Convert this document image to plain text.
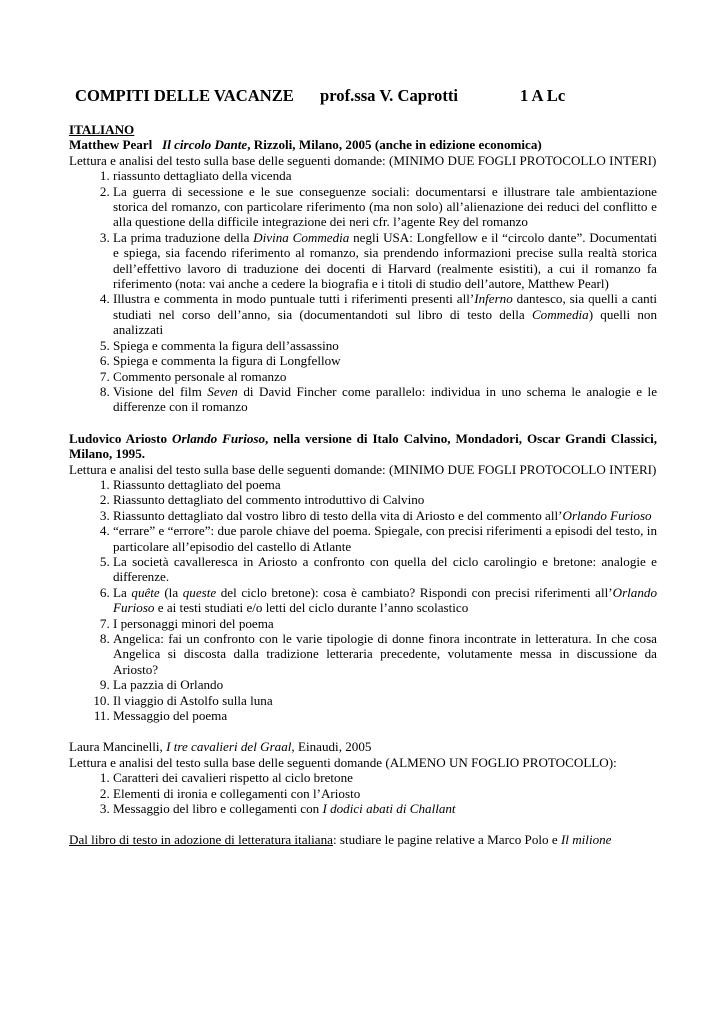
COMPITI DELLE VACANZE	prof.ssa V. Caprotti	1 A Lc
ITALIANO
Matthew Pearl Il circolo Dante, Rizzoli, Milano, 2005 (anche in edizione economica)
Lettura e analisi del testo sulla base delle seguenti domande: (MINIMO DUE FOGLI PROTOCOLLO INTERI)
1. riassunto dettagliato della vicenda
2. La guerra di secessione e le sue conseguenze sociali: documentarsi e illustrare tale ambientazione storica del romanzo, con particolare riferimento (ma non solo) all’alienazione dei reduci del conflitto e alla questione della difficile integrazione dei neri cfr. l’agente Rey del romanzo
3. La prima traduzione della Divina Commedia negli USA: Longfellow e il “circolo dante”. Documentati e spiega, sia facendo riferimento al romanzo, sia prendendo informazioni precise sulla realtà storica dell’effettivo lavoro di traduzione dei docenti di Harvard (realmente esistiti), a cui il romanzo fa riferimento (nota: vai anche a cedere la biografia e i titoli di studio dell’autore, Matthew Pearl)
4. Illustra e commenta in modo puntuale tutti i riferimenti presenti all’Inferno dantesco, sia quelli a canti studiati nel corso dell’anno, sia (documentandoti sul libro di testo della Commedia) quelli non analizzati
5. Spiega e commenta la figura dell’assassino
6. Spiega e commenta la figura di Longfellow
7. Commento personale al romanzo
8. Visione del film Seven di David Fincher come parallelo: individua in uno schema le analogie e le differenze con il romanzo
Ludovico Ariosto Orlando Furioso, nella versione di Italo Calvino, Mondadori, Oscar Grandi Classici, Milano, 1995.
Lettura e analisi del testo sulla base delle seguenti domande: (MINIMO DUE FOGLI PROTOCOLLO INTERI)
1. Riassunto dettagliato del poema
2. Riassunto dettagliato del commento introduttivo di Calvino
3. Riassunto dettagliato dal vostro libro di testo della vita di Ariosto e del commento all’Orlando Furioso
4. “errare” e “errore”: due parole chiave del poema. Spiegale, con precisi riferimenti a episodi del testo, in particolare all’episodio del castello di Atlante
5. La società cavalleresca in Ariosto a confronto con quella del ciclo carolingio e bretone: analogie e differenze.
6. La quête (la queste del ciclo bretone): cosa è cambiato? Rispondi con precisi riferimenti all’Orlando Furioso e ai testi studiati e/o letti del ciclo durante l’anno scolastico
7. I personaggi minori del poema
8. Angelica: fai un confronto con le varie tipologie di donne finora incontrate in letteratura. In che cosa Angelica si discosta dalla tradizione letteraria precedente, volutamente messa in discussione da Ariosto?
9. La pazzia di Orlando
10. Il viaggio di Astolfo sulla luna
11. Messaggio del poema
Laura Mancinelli, I tre cavalieri del Graal, Einaudi, 2005
Lettura e analisi del testo sulla base delle seguenti domande (ALMENO UN FOGLIO PROTOCOLLO):
1. Caratteri dei cavalieri rispetto al ciclo bretone
2. Elementi di ironia e collegamenti con l’Ariosto
3. Messaggio del libro e collegamenti con I dodici abati di Challant
Dal libro di testo in adozione di letteratura italiana: studiare le pagine relative a Marco Polo e Il milione
